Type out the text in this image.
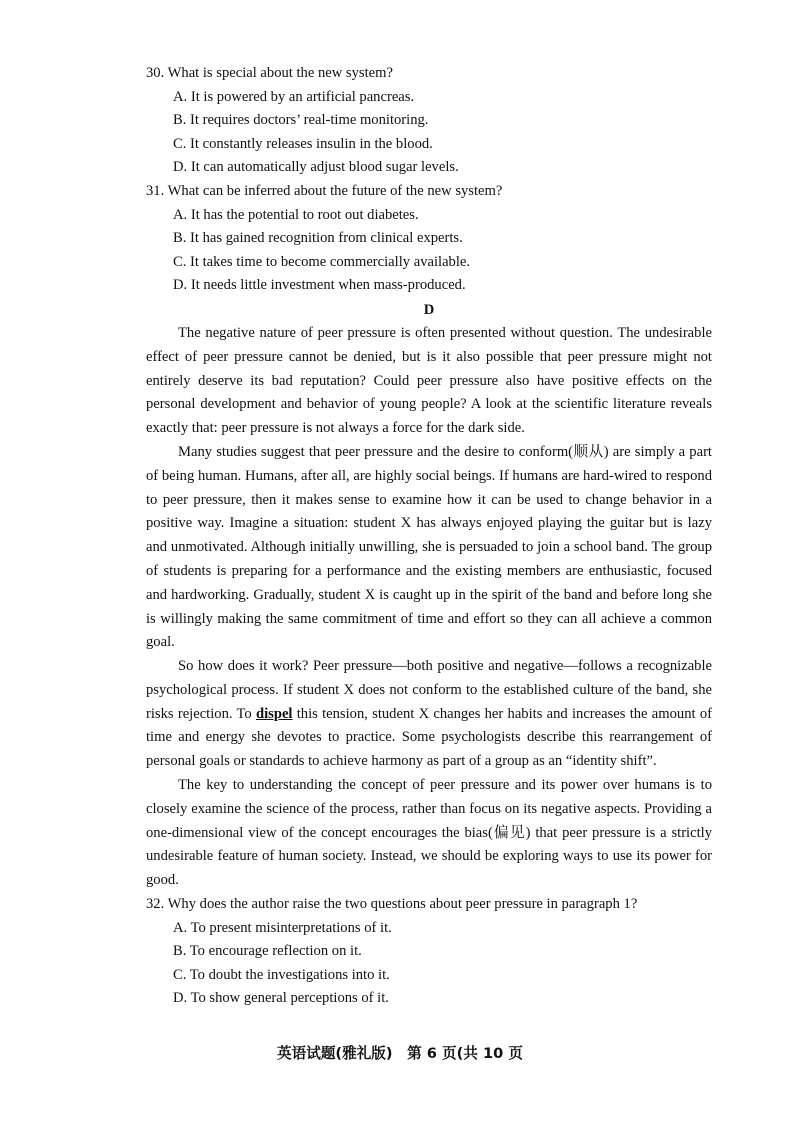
30. What is special about the new system?

A. It is powered by an artificial pancreas.

B. It requires doctors’ real-time monitoring.

C. It constantly releases insulin in the blood.

D. It can automatically adjust blood sugar levels.

31. What can be inferred about the future of the new system?

A. It has the potential to root out diabetes.

B. It has gained recognition from clinical experts.

C. It takes time to become commercially available.

D. It needs little investment when mass-produced.

D

The negative nature of peer pressure is often presented without question. The undesirable effect of peer pressure cannot be denied, but is it also possible that peer pressure might not entirely deserve its bad reputation? Could peer pressure also have positive effects on the personal development and behavior of young people? A look at the scientific literature reveals exactly that: peer pressure is not always a force for the dark side.

Many studies suggest that peer pressure and the desire to conform(顺从) are simply a part of being human. Humans, after all, are highly social beings. If humans are hard-wired to respond to peer pressure, then it makes sense to examine how it can be used to change behavior in a positive way. Imagine a situation: student X has always enjoyed playing the guitar but is lazy and unmotivated. Although initially unwilling, she is persuaded to join a school band. The group of students is preparing for a performance and the existing members are enthusiastic, focused and hardworking. Gradually, student X is caught up in the spirit of the band and before long she is willingly making the same commitment of time and effort so they can all achieve a common goal.

So how does it work? Peer pressure—both positive and negative—follows a recognizable psychological process. If student X does not conform to the established culture of the band, she risks rejection. To dispel this tension, student X changes her habits and increases the amount of time and energy she devotes to practice. Some psychologists describe this rearrangement of personal goals or standards to achieve harmony as part of a group as an “identity shift”.

The key to understanding the concept of peer pressure and its power over humans is to closely examine the science of the process, rather than focus on its negative aspects. Providing a one-dimensional view of the concept encourages the bias(偏见) that peer pressure is a strictly undesirable feature of human society. Instead, we should be exploring ways to use its power for good.

32. Why does the author raise the two questions about peer pressure in paragraph 1?

A. To present misinterpretations of it.

B. To encourage reflection on it.

C. To doubt the investigations into it.

D. To show general perceptions of it.

英语试题(雅礼版)　第 6 页(共 10 页
